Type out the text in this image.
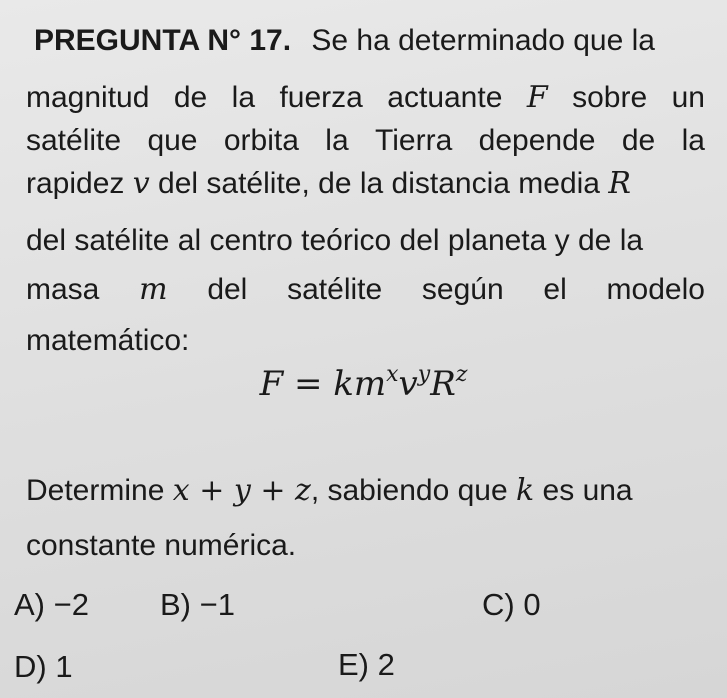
PREGUNTA N° 17. Se ha determinado que la
magnitud de la fuerza actuante F sobre un
satélite que orbita la Tierra depende de la
rapidez v del satélite, de la distancia media R
del satélite al centro teórico del planeta y de la
masa m del satélite según el modelo
matemático:
$F = km^xv^yR^z$
Determine x + y + z, sabiendo que k es una
constante numérica.
A) −2 B) −1	C) 0
D) 1	E) 2
